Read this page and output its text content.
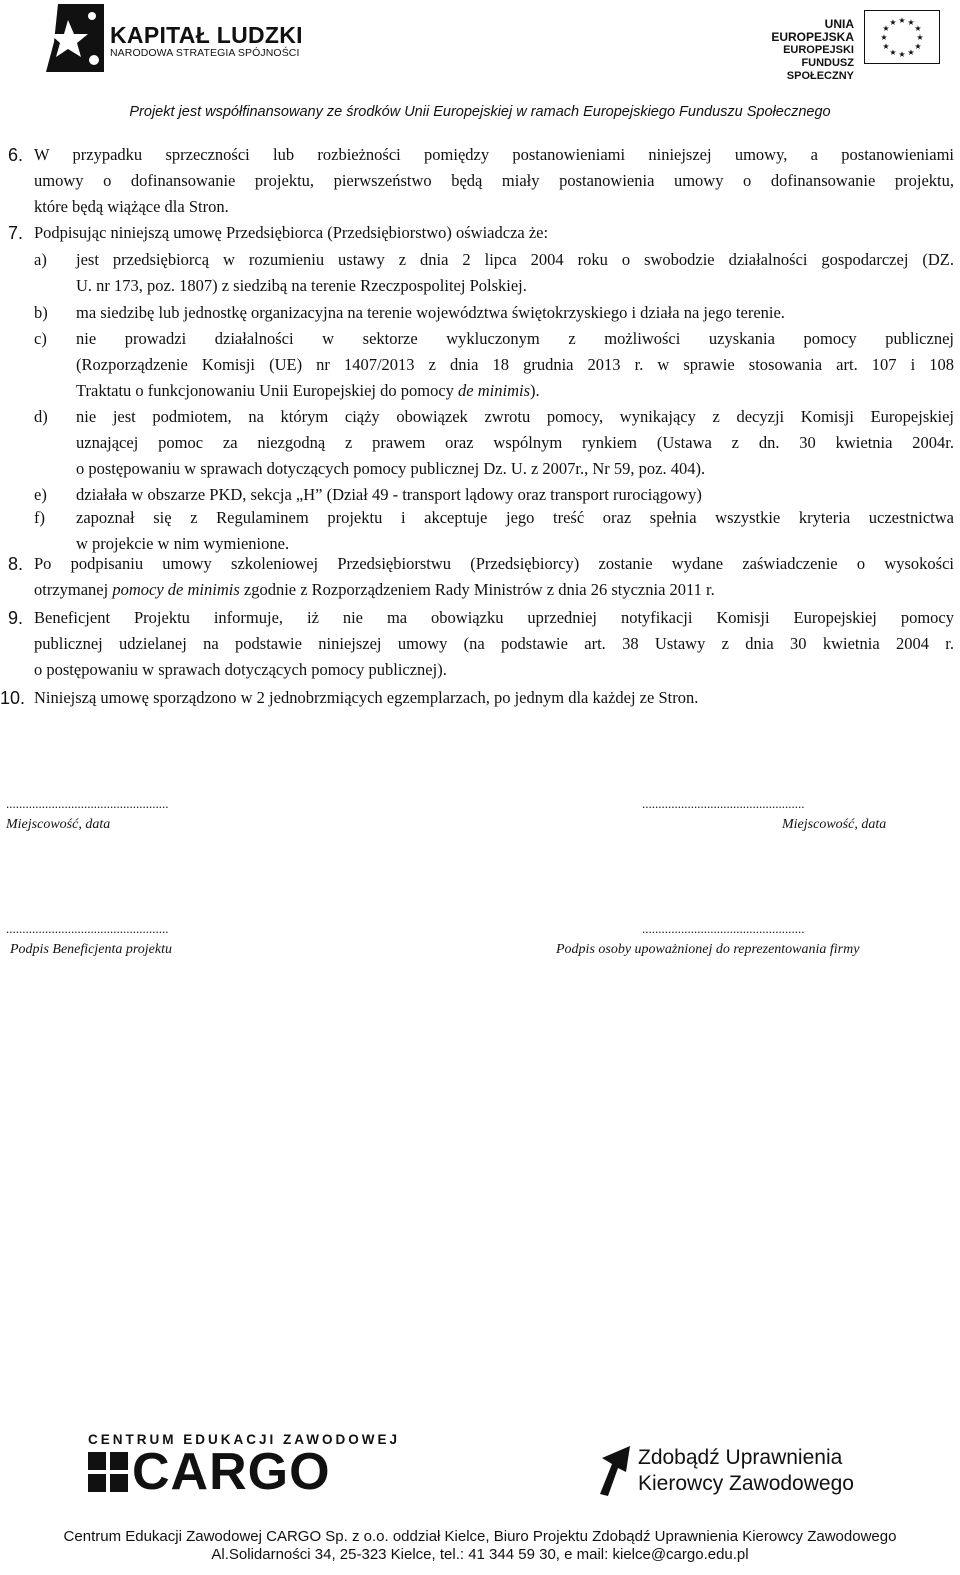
KAPITAŁ LUDZKI
NARODOWA STRATEGIA SPÓJNOŚCI
UNIA EUROPEJSKA
EUROPEJSKI
FUNDUSZ SPOŁECZNY
★ ★
★
★
★
★
★
★
★
★
★
★
Projekt jest współfinansowany ze środków Unii Europejskiej w ramach Europejskiego Funduszu Społecznego
6. W przypadku sprzeczności lub rozbieżności pomiędzy postanowieniami niniejszej umowy, a postanowieniami
umowy o dofinansowanie projektu, pierwszeństwo będą miały postanowienia umowy o dofinansowanie projektu,
które będą wiążące dla Stron.
7. Podpisując niniejszą umowę Przedsiębiorca (Przedsiębiorstwo) oświadcza że:
a) jest przedsiębiorcą w rozumieniu ustawy z dnia 2 lipca 2004 roku o swobodzie działalności gospodarczej (DZ.
U. nr 173, poz. 1807) z siedzibą na terenie Rzeczpospolitej Polskiej.
b) ma siedzibę lub jednostkę organizacyjna na terenie województwa świętokrzyskiego i działa na jego terenie.
c) nie prowadzi działalności w sektorze wykluczonym z możliwości uzyskania pomocy publicznej
(Rozporządzenie Komisji (UE) nr 1407/2013 z dnia 18 grudnia 2013 r. w sprawie stosowania art. 107 i 108
Traktatu o funkcjonowaniu Unii Europejskiej do pomocy de minimis).
d) nie jest podmiotem, na którym ciąży obowiązek zwrotu pomocy, wynikający z decyzji Komisji Europejskiej
uznającej pomoc za niezgodną z prawem oraz wspólnym rynkiem (Ustawa z dn. 30 kwietnia 2004r.
o postępowaniu w sprawach dotyczących pomocy publicznej Dz. U. z 2007r., Nr 59, poz. 404).
e) działała w obszarze PKD, sekcja „H” (Dział 49 - transport lądowy oraz transport rurociągowy)
f) zapoznał się z Regulaminem projektu i akceptuje jego treść oraz spełnia wszystkie kryteria uczestnictwa
w projekcie w nim wymienione.
8. Po podpisaniu umowy szkoleniowej Przedsiębiorstwu (Przedsiębiorcy) zostanie wydane zaświadczenie o wysokości
otrzymanej pomocy de minimis zgodnie z Rozporządzeniem Rady Ministrów z dnia 26 stycznia 2011 r.
9. Beneficjent Projektu informuje, iż nie ma obowiązku uprzedniej notyfikacji Komisji Europejskiej pomocy
publicznej udzielanej na podstawie niniejszej umowy (na podstawie art. 38 Ustawy z dnia 30 kwietnia 2004 r.
o postępowaniu w sprawach dotyczących pomocy publicznej).
10. Niniejszą umowę sporządzono w 2 jednobrzmiących egzemplarzach, po jednym dla każdej ze Stron.
..................................................
Miejscowość, data
..................................................
Miejscowość, data
..................................................
Podpis Beneficjenta projektu
..................................................
Podpis osoby upoważnionej do reprezentowania firmy
CENTRUM EDUKACJI ZAWODOWEJ
CARGO	Zdobądź Uprawnienia
Kierowcy Zawodowego
Centrum Edukacji Zawodowej CARGO Sp. z o.o. oddział Kielce, Biuro Projektu Zdobądź Uprawnienia Kierowcy Zawodowego
Al.Solidarności 34, 25-323 Kielce, tel.: 41 344 59 30, e mail: kielce@cargo.edu.pl
